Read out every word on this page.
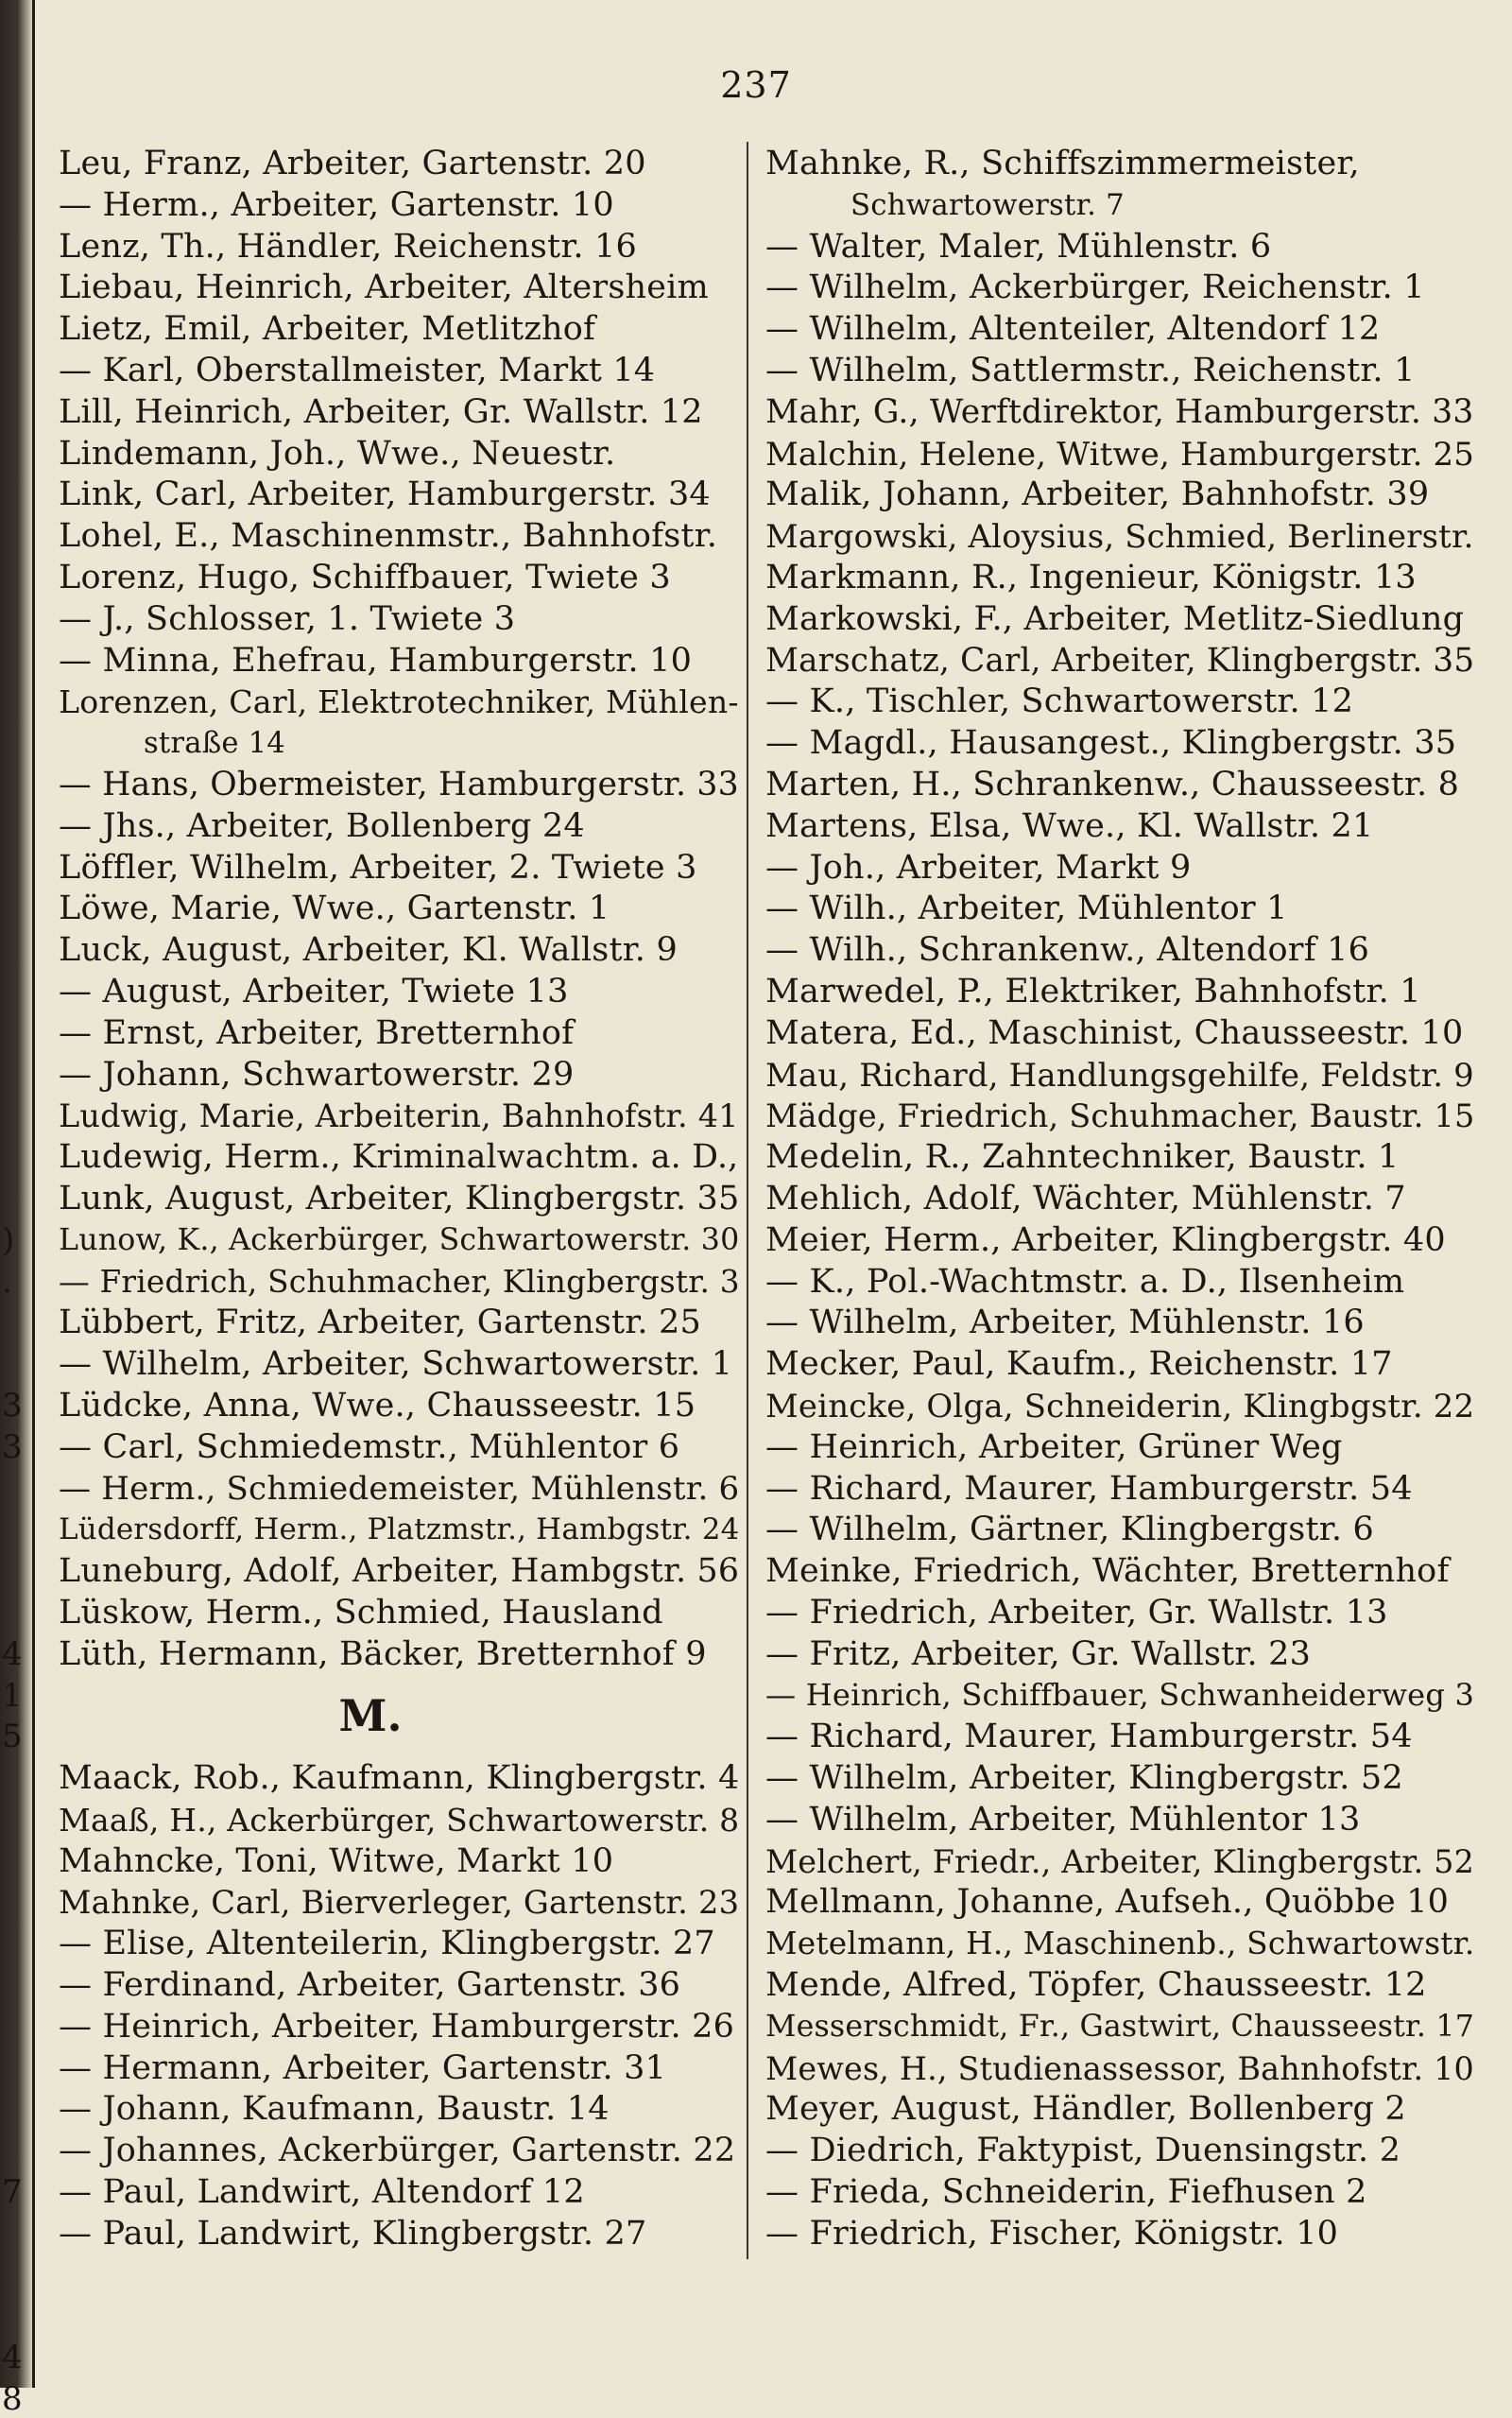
)
.
3
3
4
1
5
7
4
8
237
Leu, Franz, Arbeiter, Gartenstr. 20
— Herm., Arbeiter, Gartenstr. 10
Lenz, Th., Händler, Reichenstr. 16
Liebau, Heinrich, Arbeiter, Altersheim
Lietz, Emil, Arbeiter, Metlitzhof
— Karl, Oberstallmeister, Markt 14
Lill, Heinrich, Arbeiter, Gr. Wallstr. 12
Lindemann, Joh., Wwe., Neuestr.
Link, Carl, Arbeiter, Hamburgerstr. 34
Lohel, E., Maschinenmstr., Bahnhofstr.
Lorenz, Hugo, Schiffbauer, Twiete 3
— J., Schlosser, 1. Twiete 3
— Minna, Ehefrau, Hamburgerstr. 10
Lorenzen, Carl, Elektrotechniker, Mühlen-
straße 14
— Hans, Obermeister, Hamburgerstr. 33
— Jhs., Arbeiter, Bollenberg 24
Löffler, Wilhelm, Arbeiter, 2. Twiete 3
Löwe, Marie, Wwe., Gartenstr. 1
Luck, August, Arbeiter, Kl. Wallstr. 9
— August, Arbeiter, Twiete 13
— Ernst, Arbeiter, Bretternhof
— Johann, Schwartowerstr. 29
Ludwig, Marie, Arbeiterin, Bahnhofstr. 41
Ludewig, Herm., Kriminalwachtm. a. D.,
Lunk, August, Arbeiter, Klingbergstr. 35
Lunow, K., Ackerbürger, Schwartowerstr. 30
— Friedrich, Schuhmacher, Klingbergstr. 3
Lübbert, Fritz, Arbeiter, Gartenstr. 25
— Wilhelm, Arbeiter, Schwartowerstr. 1
Lüdcke, Anna, Wwe., Chausseestr. 15
— Carl, Schmiedemstr., Mühlentor 6
— Herm., Schmiedemeister, Mühlenstr. 6
Lüdersdorff, Herm., Platzmstr., Hambgstr. 24
Luneburg, Adolf, Arbeiter, Hambgstr. 56
Lüskow, Herm., Schmied, Hausland
Lüth, Hermann, Bäcker, Bretternhof 9
M.
Maack, Rob., Kaufmann, Klingbergstr. 4
Maaß, H., Ackerbürger, Schwartowerstr. 8
Mahncke, Toni, Witwe, Markt 10
Mahnke, Carl, Bierverleger, Gartenstr. 23
— Elise, Altenteilerin, Klingbergstr. 27
— Ferdinand, Arbeiter, Gartenstr. 36
— Heinrich, Arbeiter, Hamburgerstr. 26
— Hermann, Arbeiter, Gartenstr. 31
— Johann, Kaufmann, Baustr. 14
— Johannes, Ackerbürger, Gartenstr. 22
— Paul, Landwirt, Altendorf 12
— Paul, Landwirt, Klingbergstr. 27
Mahnke, R., Schiffszimmermeister,
Schwartowerstr. 7
— Walter, Maler, Mühlenstr. 6
— Wilhelm, Ackerbürger, Reichenstr. 1
— Wilhelm, Altenteiler, Altendorf 12
— Wilhelm, Sattlermstr., Reichenstr. 1
Mahr, G., Werftdirektor, Hamburgerstr. 33
Malchin, Helene, Witwe, Hamburgerstr. 25
Malik, Johann, Arbeiter, Bahnhofstr. 39
Margowski, Aloysius, Schmied, Berlinerstr.
Markmann, R., Ingenieur, Königstr. 13
Markowski, F., Arbeiter, Metlitz-Siedlung
Marschatz, Carl, Arbeiter, Klingbergstr. 35
— K., Tischler, Schwartowerstr. 12
— Magdl., Hausangest., Klingbergstr. 35
Marten, H., Schrankenw., Chausseestr. 8
Martens, Elsa, Wwe., Kl. Wallstr. 21
— Joh., Arbeiter, Markt 9
— Wilh., Arbeiter, Mühlentor 1
— Wilh., Schrankenw., Altendorf 16
Marwedel, P., Elektriker, Bahnhofstr. 1
Matera, Ed., Maschinist, Chausseestr. 10
Mau, Richard, Handlungsgehilfe, Feldstr. 9
Mädge, Friedrich, Schuhmacher, Baustr. 15
Medelin, R., Zahntechniker, Baustr. 1
Mehlich, Adolf, Wächter, Mühlenstr. 7
Meier, Herm., Arbeiter, Klingbergstr. 40
— K., Pol.-Wachtmstr. a. D., Ilsenheim
— Wilhelm, Arbeiter, Mühlenstr. 16
Mecker, Paul, Kaufm., Reichenstr. 17
Meincke, Olga, Schneiderin, Klingbgstr. 22
— Heinrich, Arbeiter, Grüner Weg
— Richard, Maurer, Hamburgerstr. 54
— Wilhelm, Gärtner, Klingbergstr. 6
Meinke, Friedrich, Wächter, Bretternhof
— Friedrich, Arbeiter, Gr. Wallstr. 13
— Fritz, Arbeiter, Gr. Wallstr. 23
— Heinrich, Schiffbauer, Schwanheiderweg 3
— Richard, Maurer, Hamburgerstr. 54
— Wilhelm, Arbeiter, Klingbergstr. 52
— Wilhelm, Arbeiter, Mühlentor 13
Melchert, Friedr., Arbeiter, Klingbergstr. 52
Mellmann, Johanne, Aufseh., Quöbbe 10
Metelmann, H., Maschinenb., Schwartowstr.
Mende, Alfred, Töpfer, Chausseestr. 12
Messerschmidt, Fr., Gastwirt, Chausseestr. 17
Mewes, H., Studienassessor, Bahnhofstr. 10
Meyer, August, Händler, Bollenberg 2
— Diedrich, Faktурist, Duensingstr. 2
— Frieda, Schneiderin, Fiefhusen 2
— Friedrich, Fischer, Königstr. 10
